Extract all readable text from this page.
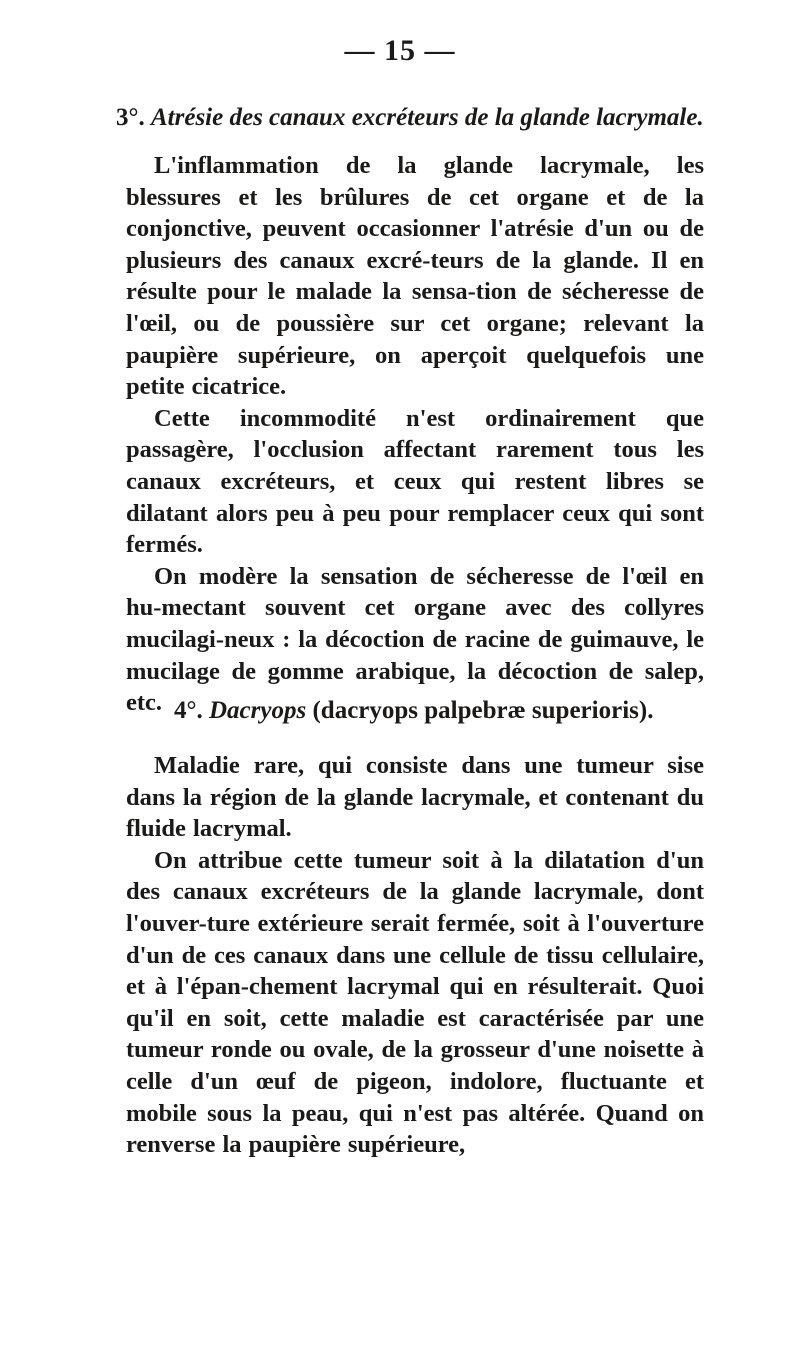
— 15 —
3°. Atrésie des canaux excréteurs de la glande lacrymale.

L'inflammation de la glande lacrymale, les blessures et les brûlures de cet organe et de la conjonctive, peuvent occasionner l'atrésie d'un ou de plusieurs des canaux excré-teurs de la glande. Il en résulte pour le malade la sensa-tion de sécheresse de l'œil, ou de poussière sur cet organe; relevant la paupière supérieure, on aperçoit quelquefois une petite cicatrice.

Cette incommodité n'est ordinairement que passagère, l'occlusion affectant rarement tous les canaux excréteurs, et ceux qui restent libres se dilatant alors peu à peu pour remplacer ceux qui sont fermés.

On modère la sensation de sécheresse de l'œil en hu-mectant souvent cet organe avec des collyres mucilagi-neux : la décoction de racine de guimauve, le mucilage de gomme arabique, la décoction de salep, etc. 4°. Dacryops (dacryops palpebræ superioris).

Maladie rare, qui consiste dans une tumeur sise dans la région de la glande lacrymale, et contenant du fluide lacrymal.

On attribue cette tumeur soit à la dilatation d'un des canaux excréteurs de la glande lacrymale, dont l'ouver-ture extérieure serait fermée, soit à l'ouverture d'un de ces canaux dans une cellule de tissu cellulaire, et à l'épan-chement lacrymal qui en résulterait. Quoi qu'il en soit, cette maladie est caractérisée par une tumeur ronde ou ovale, de la grosseur d'une noisette à celle d'un œuf de pigeon, indolore, fluctuante et mobile sous la peau, qui n'est pas altérée. Quand on renverse la paupière supérieure,
